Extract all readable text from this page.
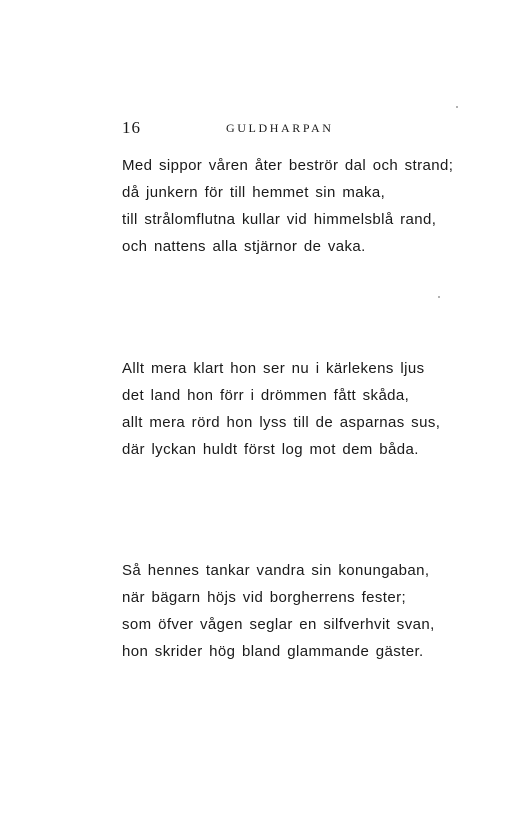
16	GULDHARPAN
Med sippor våren åter beströr dal och strand;
då junkern för till hemmet sin maka,
till strålomflutna kullar vid himmelsblå rand,
och nattens alla stjärnor de vaka.
Allt mera klart hon ser nu i kärlekens ljus
det land hon förr i drömmen fått skåda,
allt mera rörd hon lyss till de asparnas sus,
där lyckan huldt först log mot dem båda.
Så hennes tankar vandra sin konungaban,
när bägarn höjs vid borgherrens fester;
som öfver vågen seglar en silfverhvit svan,
hon skrider hög bland glammande gäster.
